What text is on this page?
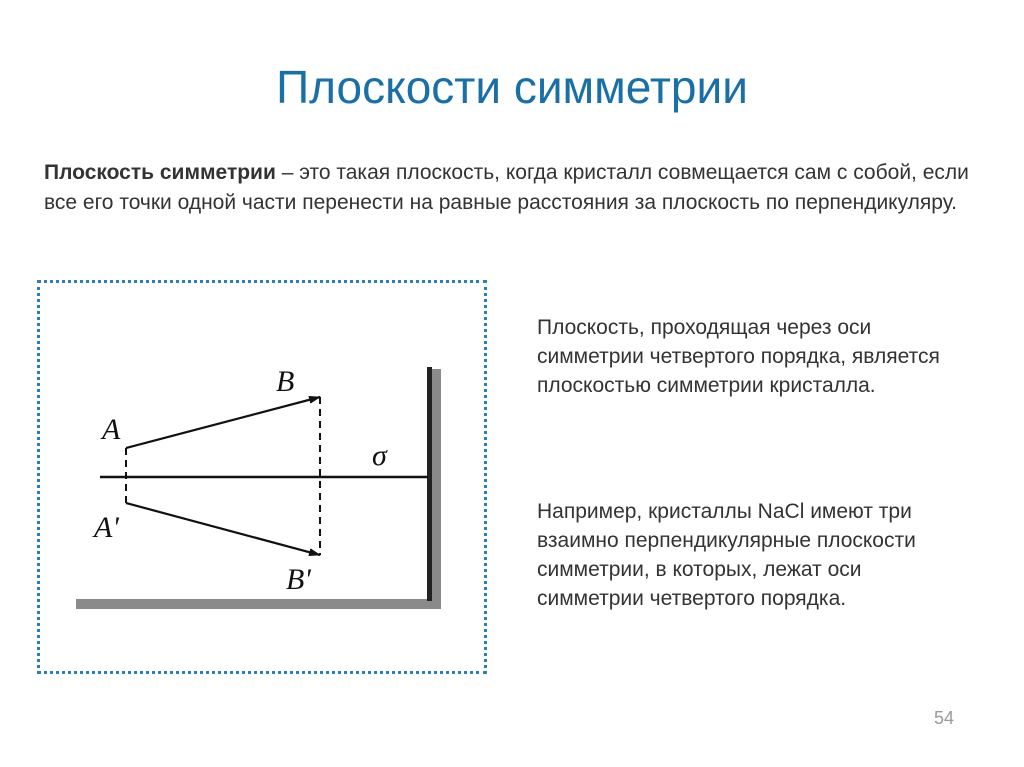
Плоскости симметрии
Плоскость симметрии – это такая плоскость, когда кристалл совмещается сам с собой, если все его точки одной части перенести на равные расстояния за плоскость по перпендикуляру.
A
B
A'
B'
σ
Плоскость, проходящая через оси симметрии четвертого порядка, является плоскостью симметрии кристалла.
Например, кристаллы NaCl имеют три взаимно перпендикулярные плоскости симметрии, в которых, лежат оси симметрии четвертого порядка.
54
